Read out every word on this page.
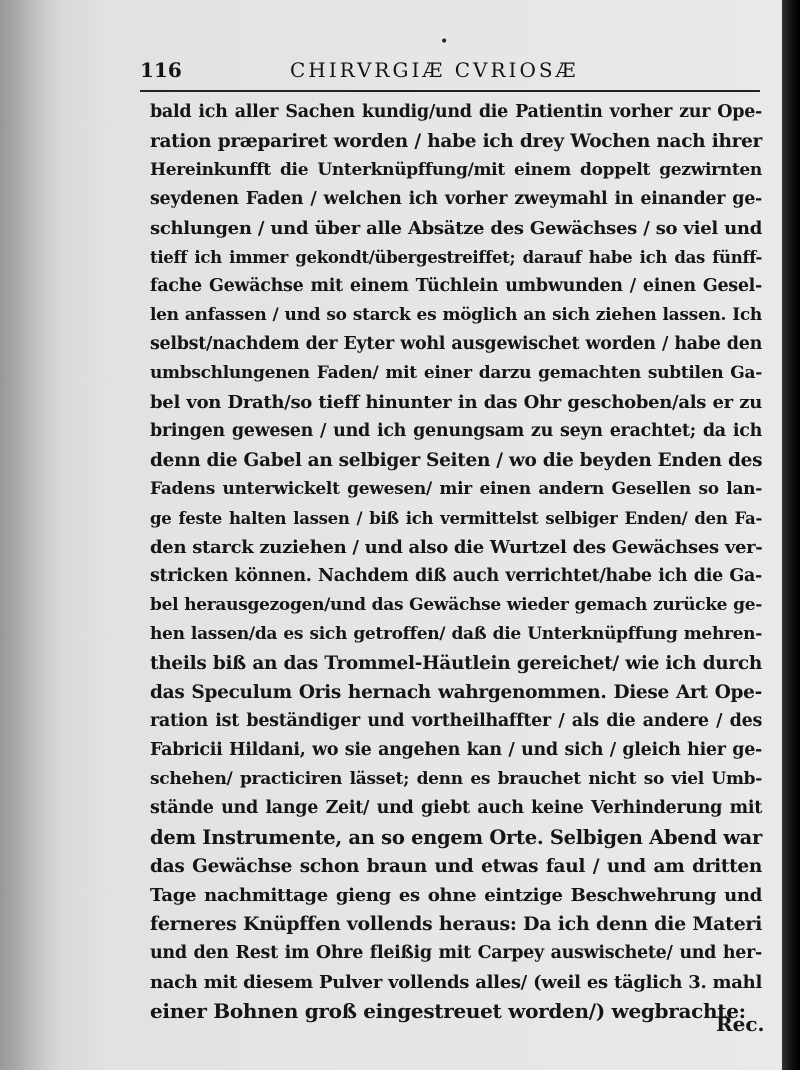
•
116	CHIRVRGIÆ CVRIOSÆ
bald ich aller Sachen kundig/und die Patientin vorher zur Ope-
ration præpariret worden / habe ich drey Wochen nach ihrer
Hereinkunfft die Unterknüpffung/mit einem doppelt gezwirnten
seydenen Faden / welchen ich vorher zweymahl in einander ge-
schlungen / und über alle Absätze des Gewächses / so viel und
tieff ich immer gekondt/übergestreiffet; darauf habe ich das fünff-
fache Gewächse mit einem Tüchlein umbwunden / einen Gesel-
len anfassen / und so starck es möglich an sich ziehen lassen. Ich
selbst/nachdem der Eyter wohl ausgewischet worden / habe den
umbschlungenen Faden/ mit einer darzu gemachten subtilen Ga-
bel von Drath/so tieff hinunter in das Ohr geschoben/als er zu
bringen gewesen / und ich genungsam zu seyn erachtet; da ich
denn die Gabel an selbiger Seiten / wo die beyden Enden des
Fadens unterwickelt gewesen/ mir einen andern Gesellen so lan-
ge feste halten lassen / biß ich vermittelst selbiger Enden/ den Fa-
den starck zuziehen / und also die Wurtzel des Gewächses ver-
stricken können. Nachdem diß auch verrichtet/habe ich die Ga-
bel herausgezogen/und das Gewächse wieder gemach zurücke ge-
hen lassen/da es sich getroffen/ daß die Unterknüpffung mehren-
theils biß an das Trommel-Häutlein gereichet/ wie ich durch
das Speculum Oris hernach wahrgenommen. Diese Art Ope-
ration ist beständiger und vortheilhaffter / als die andere / des
Fabricii Hildani, wo sie angehen kan / und sich / gleich hier ge-
schehen/ practiciren lässet; denn es brauchet nicht so viel Umb-
stände und lange Zeit/ und giebt auch keine Verhinderung mit
dem Instrumente, an so engem Orte. Selbigen Abend war
das Gewächse schon braun und etwas faul / und am dritten
Tage nachmittage gieng es ohne eintzige Beschwehrung und
ferneres Knüpffen vollends heraus: Da ich denn die Materi
und den Rest im Ohre fleißig mit Carpey auswischete/ und her-
nach mit diesem Pulver vollends alles/ (weil es täglich 3. mahl
einer Bohnen groß eingestreuet worden/) wegbrachte:
Rec.
